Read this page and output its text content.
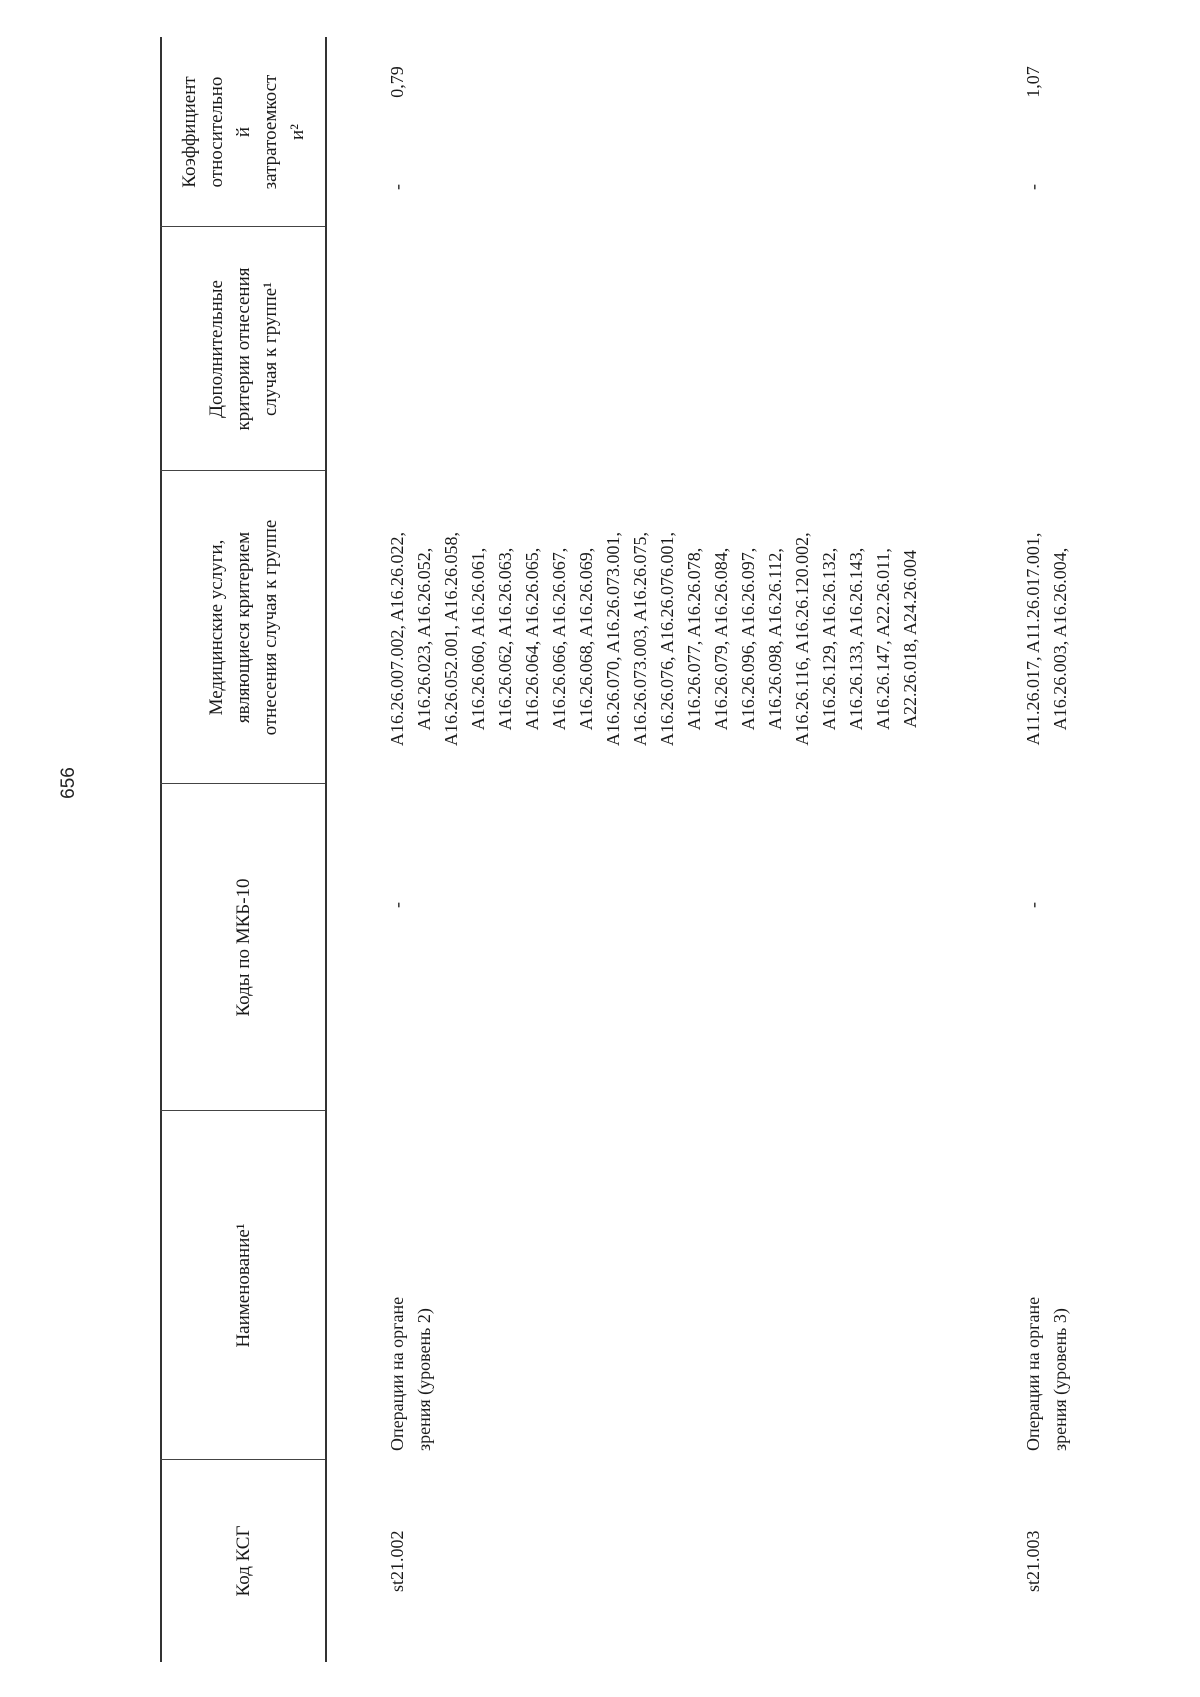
656
Код КСГ
Наименование¹
Коды по МКБ-10
Медицинские услуги, являющиеся критерием отнесения случая к группе
Дополнительные критерии отнесения случая к группе¹
Коэффициент относительно й затратоемкост и²
st21.002
Операции на органе зрения (уровень 2)
-
A16.26.007.002, A16.26.022, A16.26.023, A16.26.052, A16.26.052.001, A16.26.058, A16.26.060, A16.26.061, A16.26.062, A16.26.063, A16.26.064, A16.26.065, A16.26.066, A16.26.067, A16.26.068, A16.26.069, A16.26.070, A16.26.073.001, A16.26.073.003, A16.26.075, A16.26.076, A16.26.076.001, A16.26.077, A16.26.078, A16.26.079, A16.26.084, A16.26.096, A16.26.097, A16.26.098, A16.26.112, A16.26.116, A16.26.120.002, A16.26.129, A16.26.132, A16.26.133, A16.26.143, A16.26.147, A22.26.011, A22.26.018, A24.26.004
-
0,79
st21.003
Операции на органе зрения (уровень 3)
-
A11.26.017, A11.26.017.001, A16.26.003, A16.26.004,
-
1,07
